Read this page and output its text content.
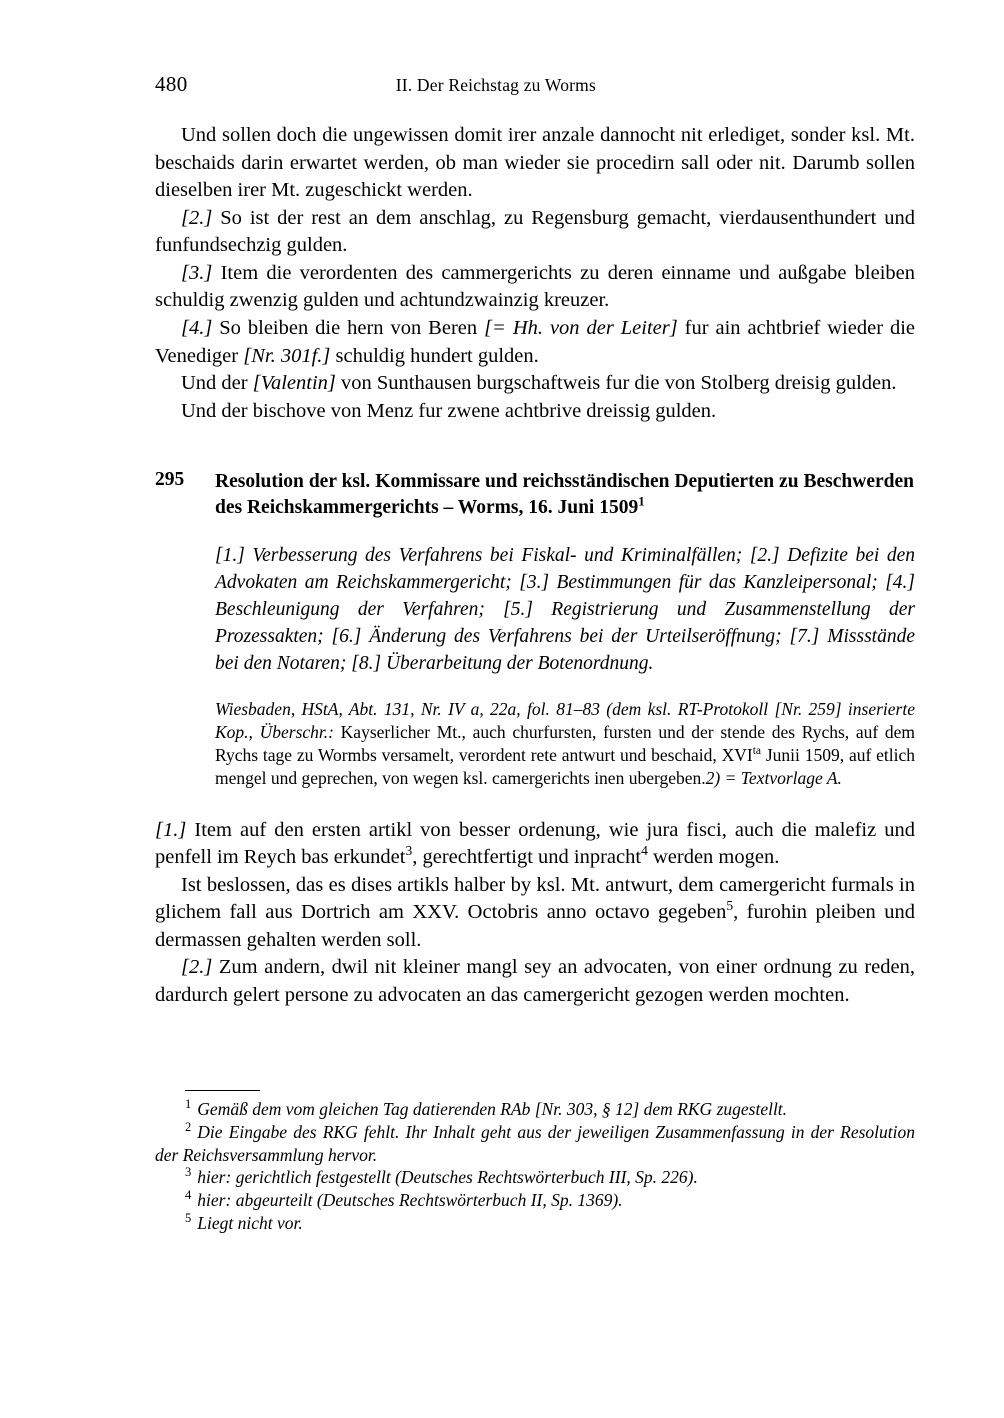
480	II. Der Reichstag zu Worms

Und sollen doch die ungewissen domit irer anzale dannocht nit erlediget, sonder ksl. Mt. beschaids darin erwartet werden, ob man wieder sie procedirn sall oder nit. Darumb sollen dieselben irer Mt. zugeschickt werden.

[2.] So ist der rest an dem anschlag, zu Regensburg gemacht, vierdausenthundert und funfundsechzig gulden.

[3.] Item die verordenten des cammergerichts zu deren einname und außgabe bleiben schuldig zwenzig gulden und achtundzwainzig kreuzer.

[4.] So bleiben die hern von Beren [= Hh. von der Leiter] fur ain achtbrief wieder die Venediger [Nr. 301f.] schuldig hundert gulden.

Und der [Valentin] von Sunthausen burgschaftweis fur die von Stolberg dreisig gulden.

Und der bischove von Menz fur zwene achtbrive dreissig gulden.

295	Resolution der ksl. Kommissare und reichsständischen Deputierten zu Beschwerden des Reichskammergerichts – Worms, 16. Juni 1509$^1$
[1.] Verbesserung des Verfahrens bei Fiskal- und Kriminalfällen; [2.] Defizite bei den Advokaten am Reichskammergericht; [3.] Bestimmungen für das Kanzleipersonal; [4.] Beschleunigung der Verfahren; [5.] Registrierung und Zusammenstellung der Prozessakten; [6.] Änderung des Verfahrens bei der Urteilseröffnung; [7.] Missstände bei den Notaren; [8.] Überarbeitung der Botenordnung.
Wiesbaden, HStA, Abt. 131, Nr. IV a, 22a, fol. 81–83 (dem ksl. RT-Protokoll [Nr. 259] inserierte Kop., Überschr.: Kayserlicher Mt., auch churfursten, fursten und der stende des Rychs, auf dem Rychs tage zu Wormbs versamelt, verordent rete antwurt und beschaid, $XVI^{ta}$ Junii 1509, auf etlich mengel und geprechen, von wegen ksl. camergerichts inen ubergeben.2) = Textvorlage A.

[1.] Item auf den ersten artikl von besser ordenung, wie jura fisci, auch die malefiz und penfell im Reych bas erkundet$^3$, gerechtfertigt und inpracht$^4$ werden mogen.

Ist beslossen, das es dises artikls halber by ksl. Mt. antwurt, dem camergericht furmals in glichem fall aus Dortrich am XXV. Octobris anno octavo gegeben$^5$, furohin pleiben und dermassen gehalten werden soll.

[2.] Zum andern, dwil nit kleiner mangl sey an advocaten, von einer ordnung zu reden, dardurch gelert persone zu advocaten an das camergericht gezogen werden mochten.

$^1$ Gemäß dem vom gleichen Tag datierenden RAb [Nr. 303, § 12] dem RKG zugestellt.

$^2$ Die Eingabe des RKG fehlt. Ihr Inhalt geht aus der jeweiligen Zusammenfassung in der Resolution der Reichsversammlung hervor.

$^3$ hier: gerichtlich festgestellt (Deutsches Rechtswörterbuch III, Sp. 226).

$^4$ hier: abgeurteilt (Deutsches Rechtswörterbuch II, Sp. 1369).

$^5$ Liegt nicht vor.
